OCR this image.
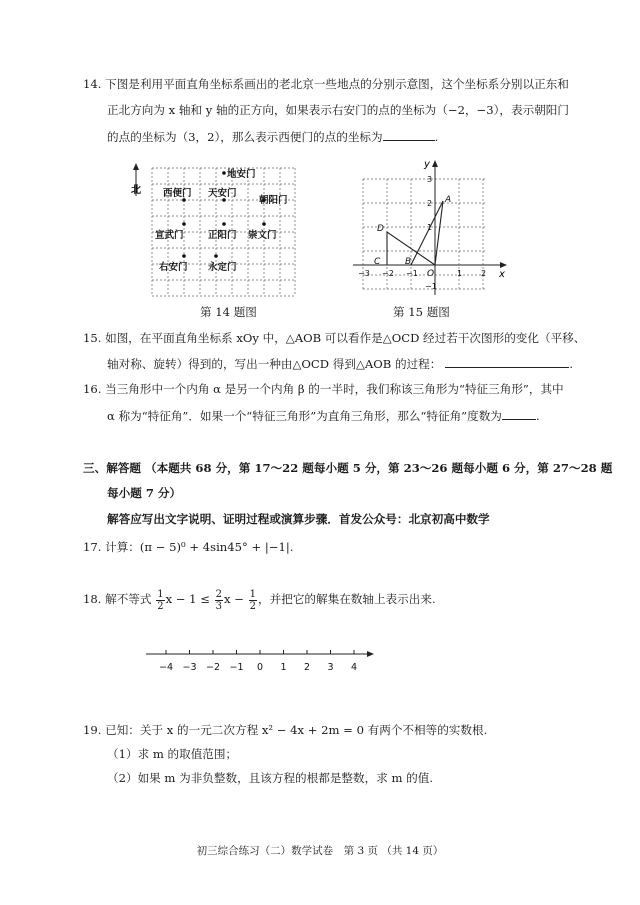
14. 下图是利用平面直角坐标系画出的老北京一些地点的分别示意图，这个坐标系分别以正东和
正北方向为 x 轴和 y 轴的正方向，如果表示右安门的点的坐标为（−2，−3），表示朝阳门
的点的坐标为（3，2），那么表示西便门的点的坐标为	.
北
地安门
西便门 天安门
朝阳门
宣武门	正阳门 崇文门
右安门 永定门
第 14 题图
x
y
3
2
1
−1
−3 −2 −1	1 2
A
D
C	B
O
第 15 题图
15. 如图，在平面直角坐标系 xOy 中，△AOB 可以看作是△OCD 经过若干次图形的变化（平移、
轴对称、旋转）得到的，写出一种由△OCD 得到△AOB 的过程：	.
16. 当三角形中一个内角 α 是另一个内角 β 的一半时，我们称该三角形为“特征三角形”，其中
α 称为“特征角”．如果一个“特征三角形”为直角三角形，那么“特征角”度数为	.
三、解答题 （本题共 68 分，第 17～22 题每小题 5 分，第 23～26 题每小题 6 分，第 27～28 题
每小题 7 分）
解答应写出文字说明、证明过程或演算步骤．首发公众号：北京初高中数学
17. 计算：(π − 5)⁰ + 4sin45° + |−1|.
18. 解不等式 $\frac{1}{2}$ $x - 1 \le \frac{2}{3}$ $x - \frac{1}{2}$ ，并把它的解集在数轴上表示出来.
−4 −3 −2 −1 0 1 2 3 4
19. 已知：关于 x 的一元二次方程 x² − 4x + 2m = 0 有两个不相等的实数根.
（1）求 m 的取值范围；
（2）如果 m 为非负整数，且该方程的根都是整数，求 m 的值.
初三综合练习（二）数学试卷　第 3 页 （共 14 页）
